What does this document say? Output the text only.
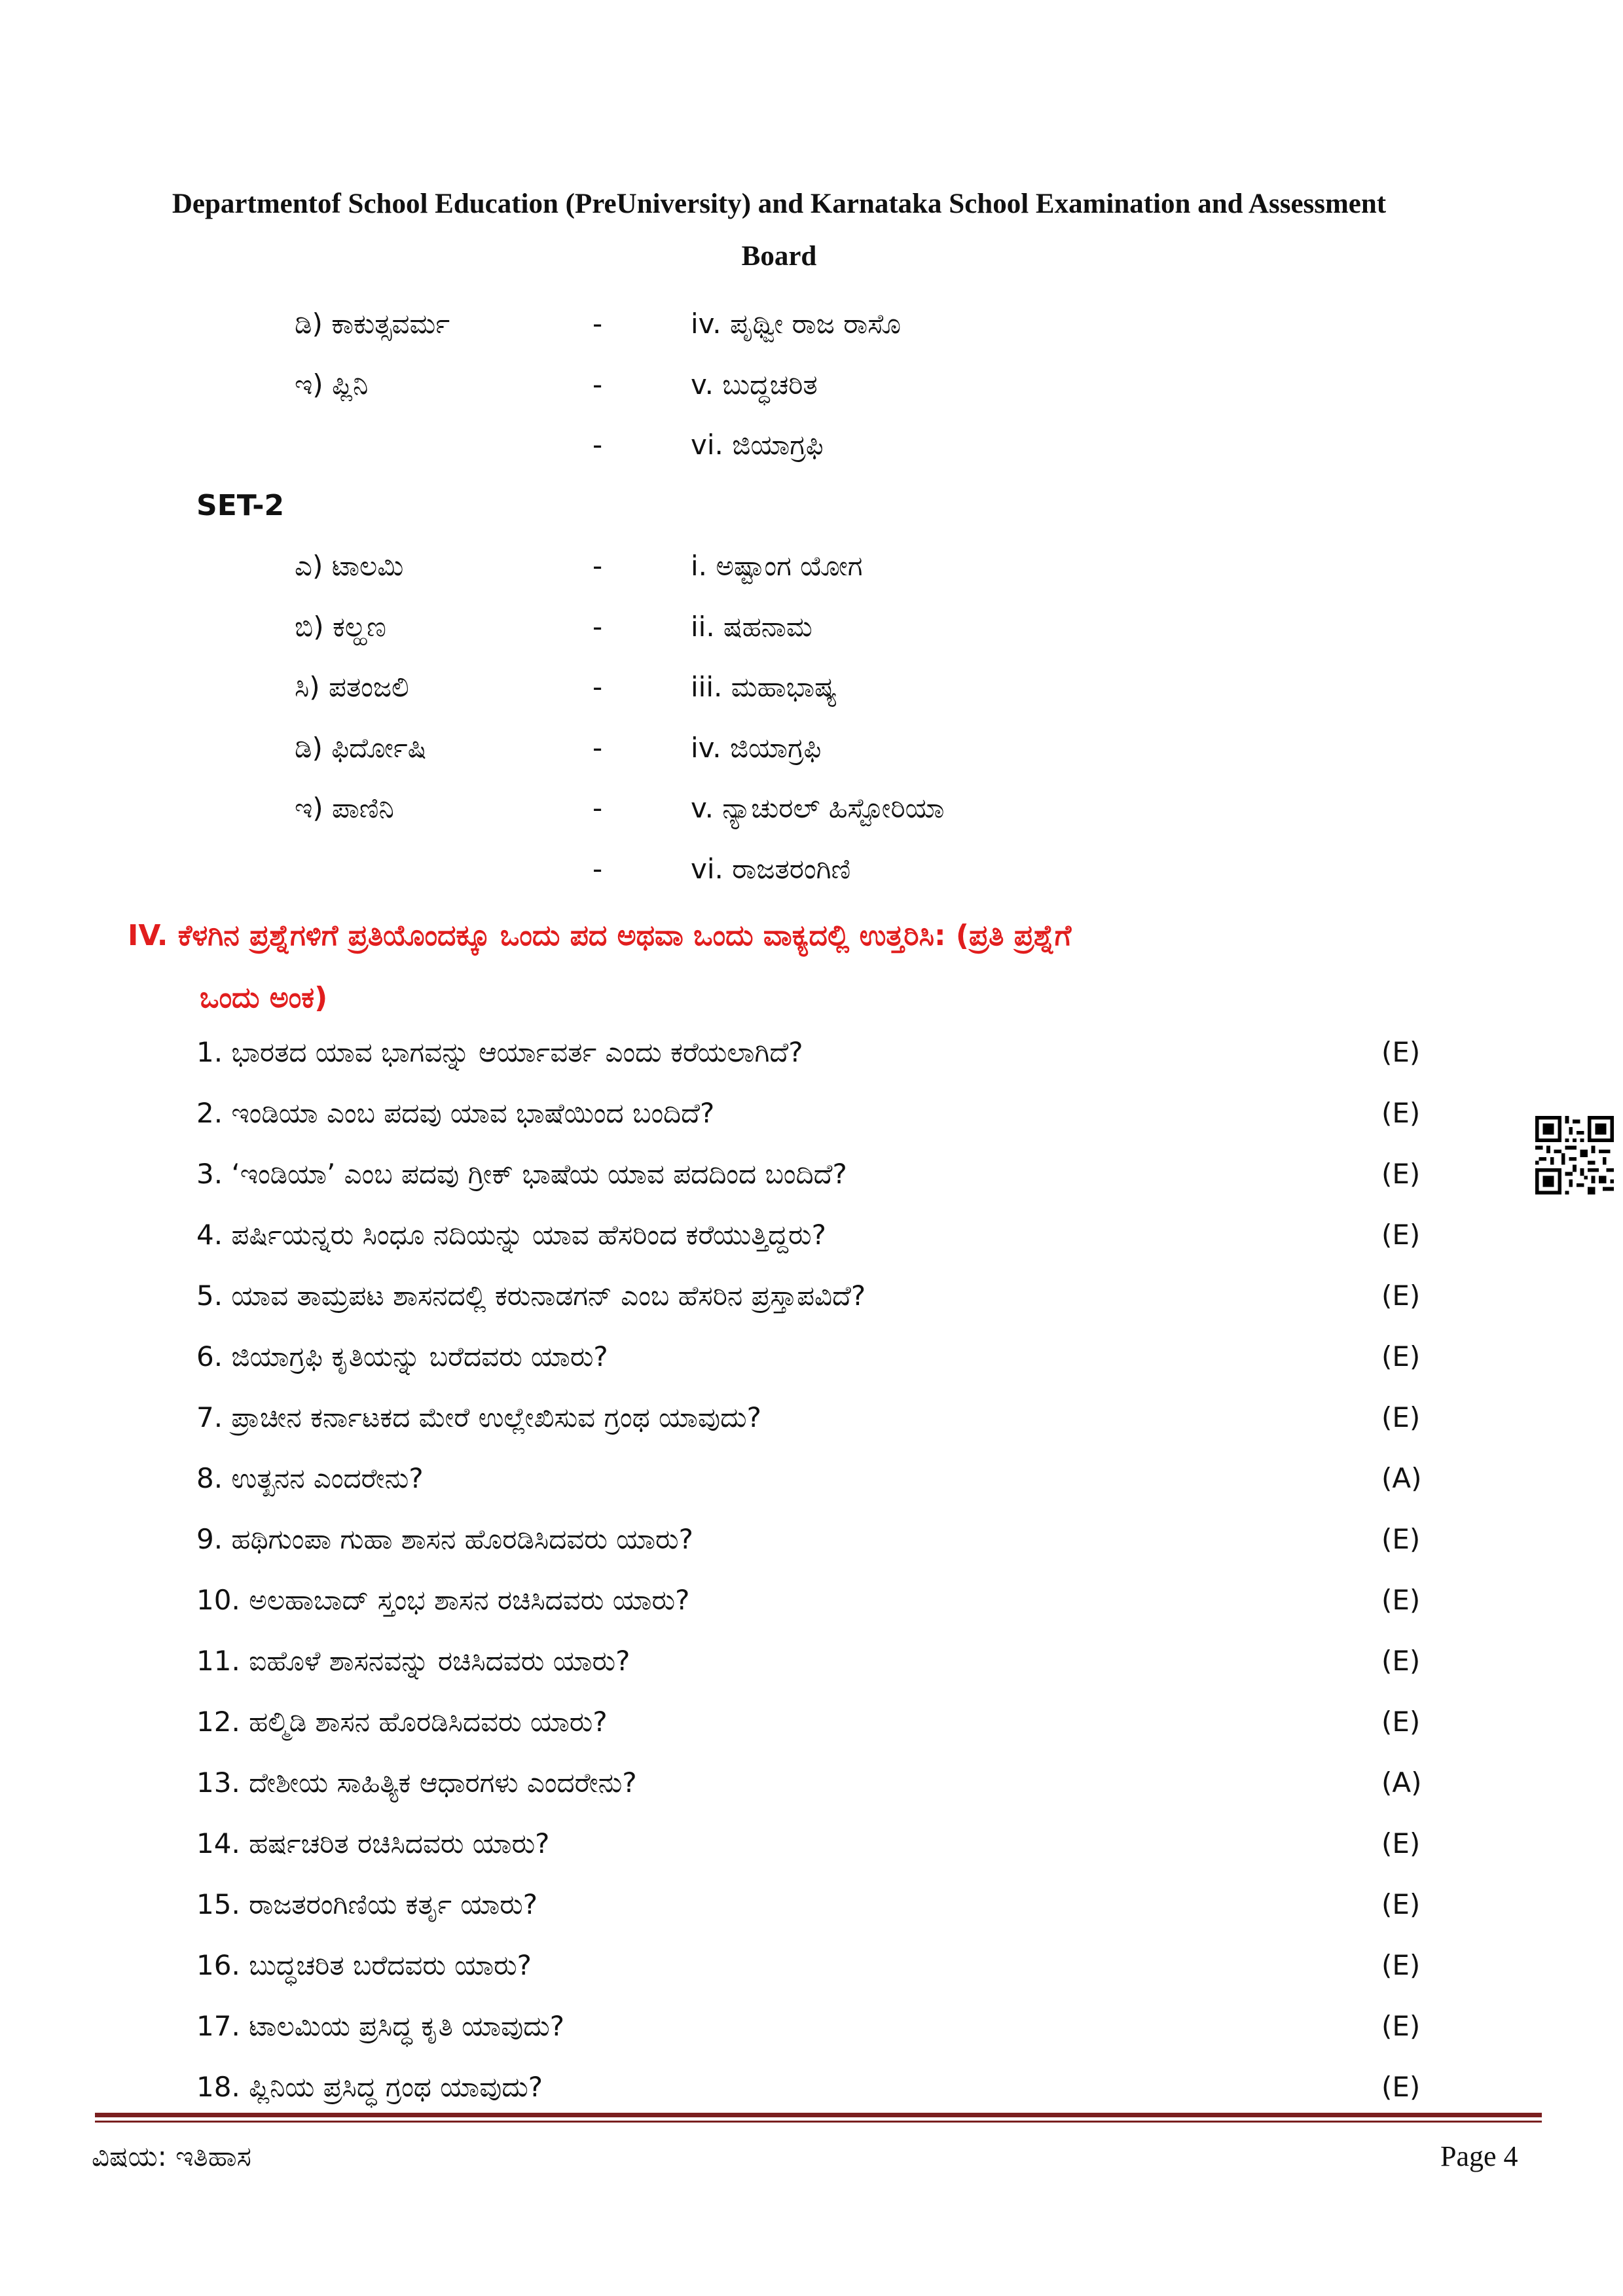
Departmentof School Education (PreUniversity) and Karnataka School Examination and Assessment
Board
ಡಿ) ಕಾಕುತ್ಸವರ್ಮ	-	iv. ಪೃಥ್ವೀ ರಾಜ ರಾಸೊ
ಇ) ಪ್ಲಿನಿ	-	v. ಬುದ್ಧಚರಿತ
-	vi. ಜಿಯಾಗ್ರಫಿ
SET-2
ಎ) ಟಾಲಮಿ	-	i. ಅಷ್ಟಾಂಗ ಯೋಗ
ಬಿ) ಕಲ್ಹಣ	-	ii. ಷಹನಾಮ
ಸಿ) ಪತಂಜಲಿ	-	iii. ಮಹಾಭಾಷ್ಯ
ಡಿ) ಫಿರ್ದೋಷಿ	-	iv. ಜಿಯಾಗ್ರಫಿ
ಇ) ಪಾಣಿನಿ	-	v. ನ್ಯಾಚುರಲ್ ಹಿಸ್ಟೋರಿಯಾ
-	vi. ರಾಜತರಂಗಿಣಿ
IV. ಕೆಳಗಿನ ಪ್ರಶ್ನೆಗಳಿಗೆ ಪ್ರತಿಯೊಂದಕ್ಕೂ ಒಂದು ಪದ ಅಥವಾ ಒಂದು ವಾಕ್ಯದಲ್ಲಿ ಉತ್ತರಿಸಿ: (ಪ್ರತಿ ಪ್ರಶ್ನೆಗೆ
ಒಂದು ಅಂಕ)
1. ಭಾರತದ ಯಾವ ಭಾಗವನ್ನು ಆರ್ಯಾವರ್ತ ಎಂದು ಕರೆಯಲಾಗಿದೆ?	(E)
2. ಇಂಡಿಯಾ ಎಂಬ ಪದವು ಯಾವ ಭಾಷೆಯಿಂದ ಬಂದಿದೆ?	(E)
3. ‘ಇಂಡಿಯಾ’ ಎಂಬ ಪದವು ಗ್ರೀಕ್ ಭಾಷೆಯ ಯಾವ ಪದದಿಂದ ಬಂದಿದೆ?	(E)
4. ಪರ್ಷಿಯನ್ನರು ಸಿಂಧೂ ನದಿಯನ್ನು ಯಾವ ಹೆಸರಿಂದ ಕರೆಯುತ್ತಿದ್ದರು?	(E)
5. ಯಾವ ತಾಮ್ರಪಟ ಶಾಸನದಲ್ಲಿ ಕರುನಾಡಗನ್ ಎಂಬ ಹೆಸರಿನ ಪ್ರಸ್ತಾಪವಿದೆ?	(E)
6. ಜಿಯಾಗ್ರಫಿ ಕೃತಿಯನ್ನು ಬರೆದವರು ಯಾರು?	(E)
7. ಪ್ರಾಚೀನ ಕರ್ನಾಟಕದ ಮೇರೆ ಉಲ್ಲೇಖಿಸುವ ಗ್ರಂಥ ಯಾವುದು?	(E)
8. ಉತ್ಖನನ ಎಂದರೇನು?	(A)
9. ಹಥಿಗುಂಪಾ ಗುಹಾ ಶಾಸನ ಹೊರಡಿಸಿದವರು ಯಾರು?	(E)
10. ಅಲಹಾಬಾದ್ ಸ್ತಂಭ ಶಾಸನ ರಚಿಸಿದವರು ಯಾರು?	(E)
11. ಐಹೊಳೆ ಶಾಸನವನ್ನು ರಚಿಸಿದವರು ಯಾರು?	(E)
12. ಹಲ್ಮಿಡಿ ಶಾಸನ ಹೊರಡಿಸಿದವರು ಯಾರು?	(E)
13. ದೇಶೀಯ ಸಾಹಿತ್ಯಿಕ ಆಧಾರಗಳು ಎಂದರೇನು?	(A)
14. ಹರ್ಷಚರಿತ ರಚಿಸಿದವರು ಯಾರು?	(E)
15. ರಾಜತರಂಗಿಣಿಯ ಕರ್ತೃ ಯಾರು?	(E)
16. ಬುದ್ಧಚರಿತ ಬರೆದವರು ಯಾರು?	(E)
17. ಟಾಲಮಿಯ ಪ್ರಸಿದ್ಧ ಕೃತಿ ಯಾವುದು?	(E)
18. ಪ್ಲಿನಿಯ ಪ್ರಸಿದ್ಧ ಗ್ರಂಥ ಯಾವುದು?	(E)
ವಿಷಯ: ಇತಿಹಾಸ	Page 4
